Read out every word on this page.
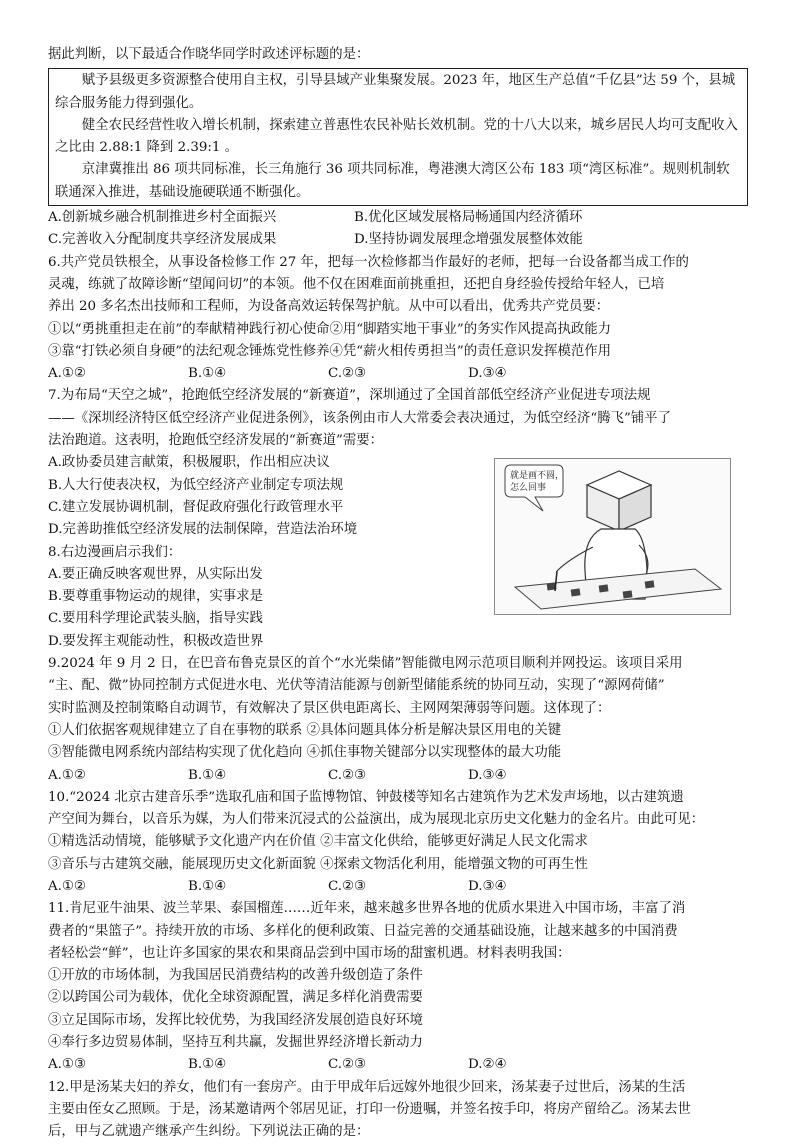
据此判断，以下最适合作晓华同学时政述评标题的是：
赋予县级更多资源整合使用自主权，引导县域产业集聚发展。2023 年，地区生产总值“千亿县”达 59 个，县城综合服务能力得到强化。
健全农民经营性收入增长机制，探索建立普惠性农民补贴长效机制。党的十八大以来，城乡居民人均可支配收入之比由 2.88:1 降到 2.39:1 。
京津冀推出 86 项共同标准，长三角施行 36 项共同标准，粤港澳大湾区公布 183 项“湾区标准”。规则机制软联通深入推进，基础设施硬联通不断强化。
A.创新城乡融合机制推进乡村全面振兴	B.优化区域发展格局畅通国内经济循环
C.完善收入分配制度共享经济发展成果	D.坚持协调发展理念增强发展整体效能
6.共产党员铁根全，从事设备检修工作 27 年，把每一次检修都当作最好的老师，把每一台设备都当成工作的
灵魂，练就了故障诊断“望闻问切”的本领。他不仅在困难面前挑重担，还把自身经验传授给年轻人，已培
养出 20 多名杰出技师和工程师，为设备高效运转保驾护航。从中可以看出，优秀共产党员要：
①以“勇挑重担走在前”的奉献精神践行初心使命②用“脚踏实地干事业”的务实作风提高执政能力
③靠“打铁必须自身硬”的法纪观念锤炼党性修养④凭“薪火相传勇担当”的责任意识发挥模范作用
A.①②	B.①④	C.②③	D.③④
7.为布局“天空之城”，抢跑低空经济发展的“新赛道”，深圳通过了全国首部低空经济产业促进专项法规
——《深圳经济特区低空经济产业促进条例》，该条例由市人大常委会表决通过，为低空经济“腾飞”铺平了
法治跑道。这表明，抢跑低空经济发展的“新赛道”需要：
A.政协委员建言献策，积极履职，作出相应决议
B.人大行使表决权，为低空经济产业制定专项法规
C.建立发展协调机制，督促政府强化行政管理水平
D.完善助推低空经济发展的法制保障，营造法治环境
8.右边漫画启示我们：
A.要正确反映客观世界，从实际出发
B.要尊重事物运动的规律，实事求是
C.要用科学理论武装头脑，指导实践
D.要发挥主观能动性，积极改造世界
9.2024 年 9 月 2 日，在巴音布鲁克景区的首个“水光柴储”智能微电网示范项目顺利并网投运。该项目采用
“主、配、微”协同控制方式促进水电、光伏等清洁能源与创新型储能系统的协同互动，实现了“源网荷储”
实时监测及控制策略自动调节，有效解决了景区供电距离长、主网网架薄弱等问题。这体现了：
①人们依据客观规律建立了自在事物的联系 ②具体问题具体分析是解决景区用电的关键
③智能微电网系统内部结构实现了优化趋向 ④抓住事物关键部分以实现整体的最大功能
A.①②	B.①④	C.②③	D.③④
10.“2024 北京古建音乐季”选取孔庙和国子监博物馆、钟鼓楼等知名古建筑作为艺术发声场地，以古建筑遗
产空间为舞台，以音乐为媒，为人们带来沉浸式的公益演出，成为展现北京历史文化魅力的金名片。由此可见：
①精选活动情境，能够赋予文化遗产内在价值 ②丰富文化供给，能够更好满足人民文化需求
③音乐与古建筑交融，能展现历史文化新面貌 ④探索文物活化利用，能增强文物的可再生性
A.①②	B.①④	C.②③	D.③④
11.肯尼亚牛油果、波兰苹果、泰国榴莲……近年来，越来越多世界各地的优质水果进入中国市场，丰富了消
费者的“果篮子”。持续开放的市场、多样化的便利政策、日益完善的交通基础设施，让越来越多的中国消费
者轻松尝“鲜”，也让许多国家的果农和果商品尝到中国市场的甜蜜机遇。材料表明我国：
①开放的市场体制，为我国居民消费结构的改善升级创造了条件
②以跨国公司为载体，优化全球资源配置，满足多样化消费需要
③立足国际市场，发挥比较优势，为我国经济发展创造良好环境
④奉行多边贸易体制，坚持互利共赢，发掘世界经济增长新动力
A.①③	B.①④	C.②③	D.②④
12.甲是汤某夫妇的养女，他们有一套房产。由于甲成年后远嫁外地很少回来，汤某妻子过世后，汤某的生活
主要由侄女乙照顾。于是，汤某邀请两个邻居见证，打印一份遗嘱，并签名按手印，将房产留给乙。汤某去世
后，甲与乙就遗产继承产生纠纷。下列说法正确的是：
就是画不圆，
怎么回事
